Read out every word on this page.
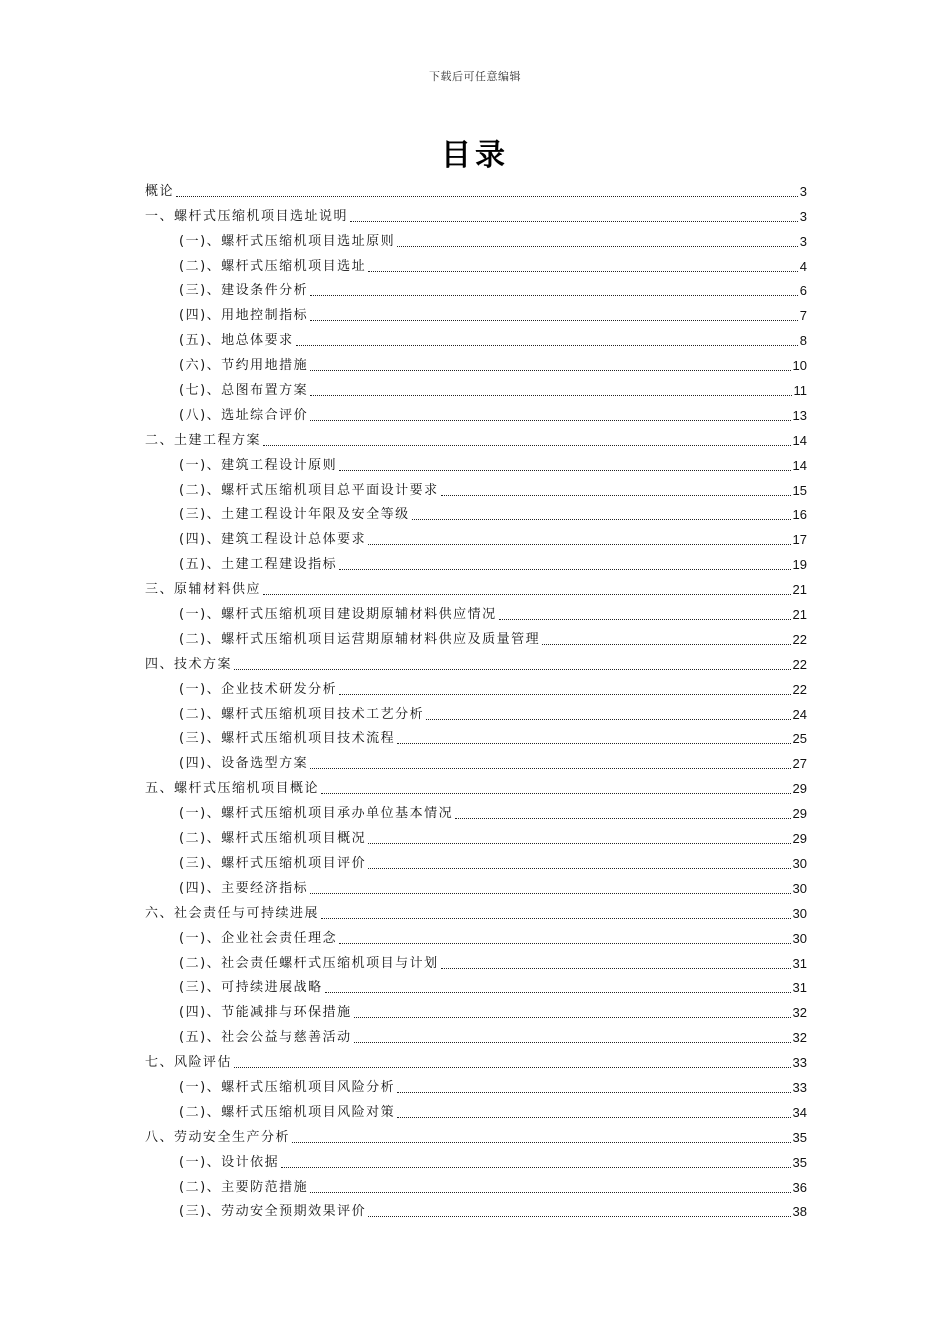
下载后可任意编辑
目录
概论	3
一、螺杆式压缩机项目选址说明	3
(一)、螺杆式压缩机项目选址原则	3
(二)、螺杆式压缩机项目选址	4
(三)、建设条件分析	6
(四)、用地控制指标	7
(五)、地总体要求	8
(六)、节约用地措施	10
(七)、总图布置方案	11
(八)、选址综合评价	13
二、土建工程方案	14
(一)、建筑工程设计原则	14
(二)、螺杆式压缩机项目总平面设计要求	15
(三)、土建工程设计年限及安全等级	16
(四)、建筑工程设计总体要求	17
(五)、土建工程建设指标	19
三、原辅材料供应	21
(一)、螺杆式压缩机项目建设期原辅材料供应情况	21
(二)、螺杆式压缩机项目运营期原辅材料供应及质量管理	22
四、技术方案	22
(一)、企业技术研发分析	22
(二)、螺杆式压缩机项目技术工艺分析	24
(三)、螺杆式压缩机项目技术流程	25
(四)、设备选型方案	27
五、螺杆式压缩机项目概论	29
(一)、螺杆式压缩机项目承办单位基本情况	29
(二)、螺杆式压缩机项目概况	29
(三)、螺杆式压缩机项目评价	30
(四)、主要经济指标	30
六、社会责任与可持续进展	30
(一)、企业社会责任理念	30
(二)、社会责任螺杆式压缩机项目与计划	31
(三)、可持续进展战略	31
(四)、节能减排与环保措施	32
(五)、社会公益与慈善活动	32
七、风险评估	33
(一)、螺杆式压缩机项目风险分析	33
(二)、螺杆式压缩机项目风险对策	34
八、劳动安全生产分析	35
(一)、设计依据	35
(二)、主要防范措施	36
(三)、劳动安全预期效果评价	38
